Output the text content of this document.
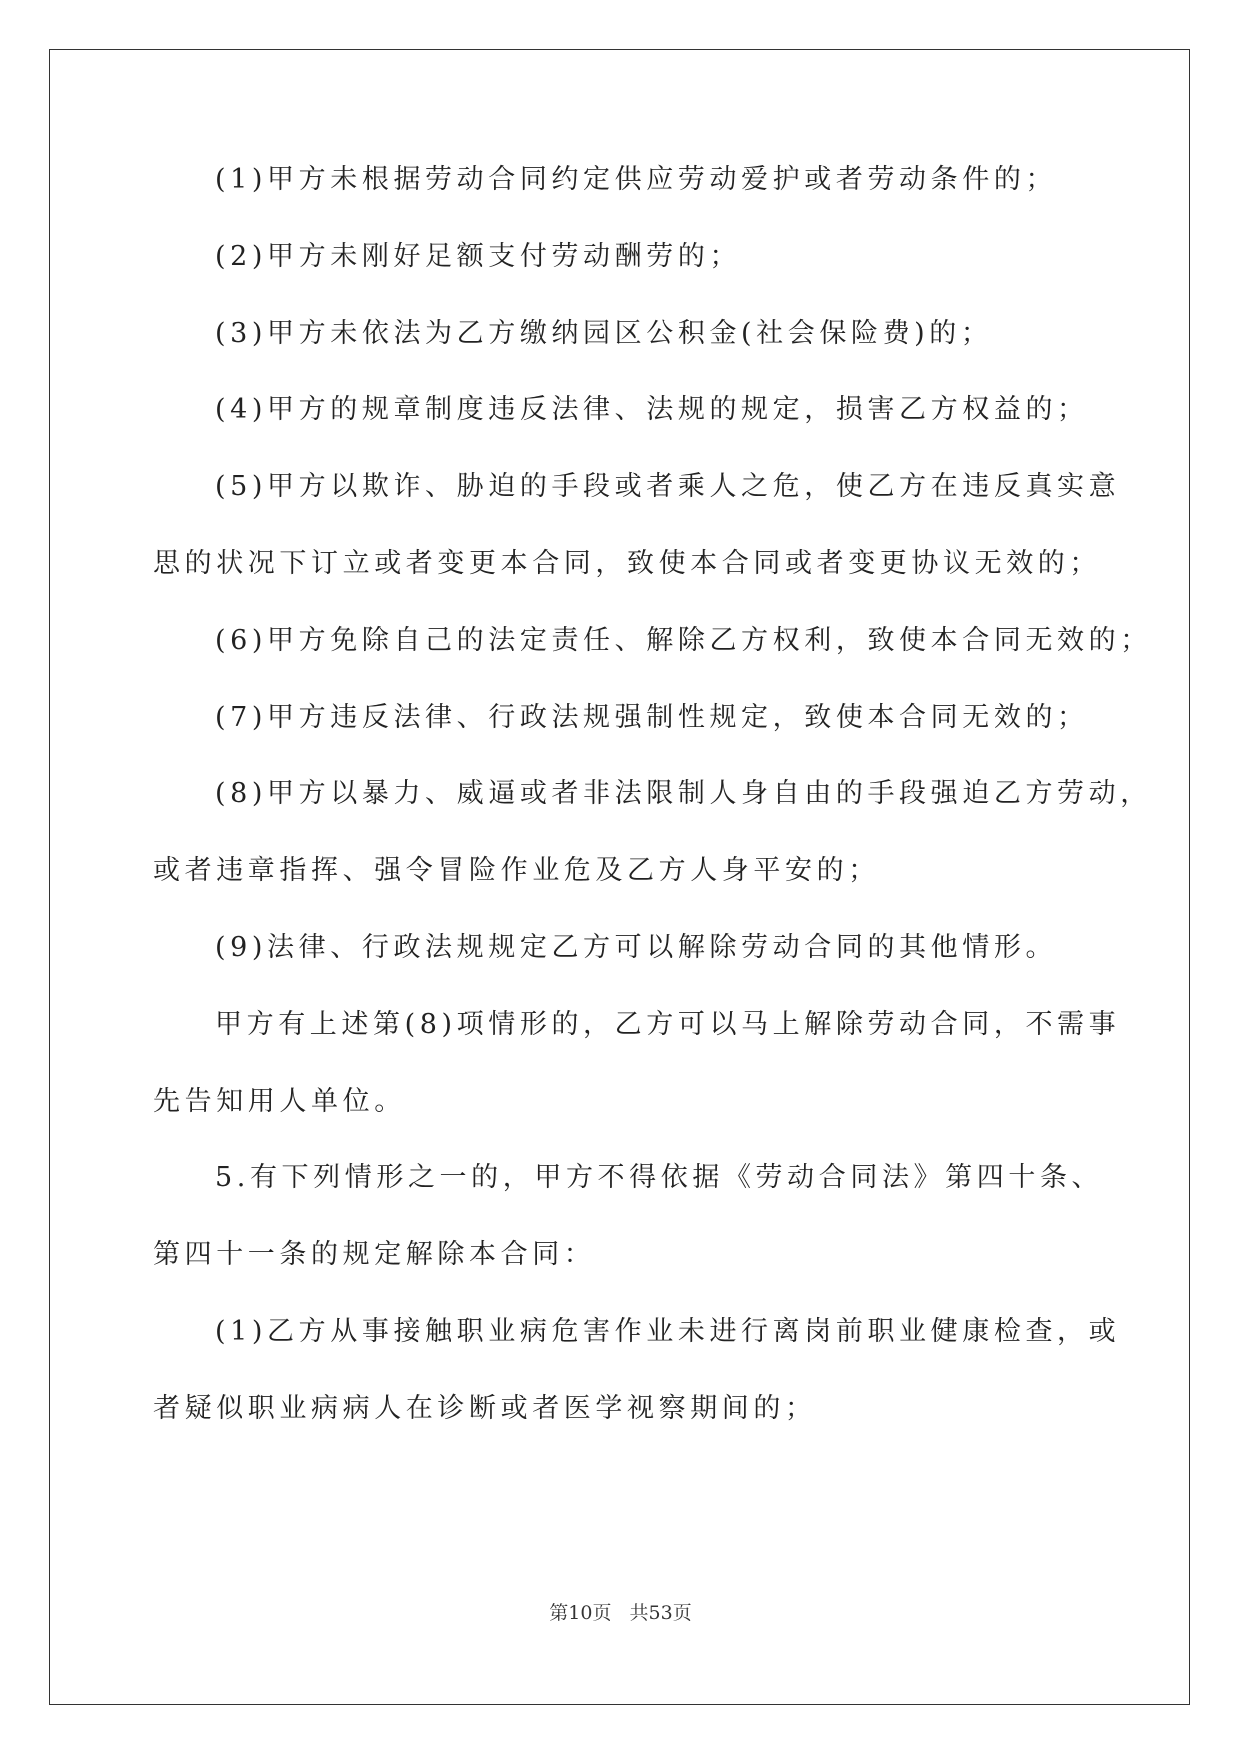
(1)甲方未根据劳动合同约定供应劳动爱护或者劳动条件的；
(2)甲方未刚好足额支付劳动酬劳的；
(3)甲方未依法为乙方缴纳园区公积金(社会保险费)的；
(4)甲方的规章制度违反法律、法规的规定，损害乙方权益的；
(5)甲方以欺诈、胁迫的手段或者乘人之危，使乙方在违反真实意
思的状况下订立或者变更本合同，致使本合同或者变更协议无效的；
(6)甲方免除自己的法定责任、解除乙方权利，致使本合同无效的；
(7)甲方违反法律、行政法规强制性规定，致使本合同无效的；
(8)甲方以暴力、威逼或者非法限制人身自由的手段强迫乙方劳动，
或者违章指挥、强令冒险作业危及乙方人身平安的；
(9)法律、行政法规规定乙方可以解除劳动合同的其他情形。
甲方有上述第(8)项情形的，乙方可以马上解除劳动合同，不需事
先告知用人单位。
5.有下列情形之一的，甲方不得依据《劳动合同法》第四十条、
第四十一条的规定解除本合同：
(1)乙方从事接触职业病危害作业未进行离岗前职业健康检查，或
者疑似职业病病人在诊断或者医学视察期间的；
第10页 共53页
